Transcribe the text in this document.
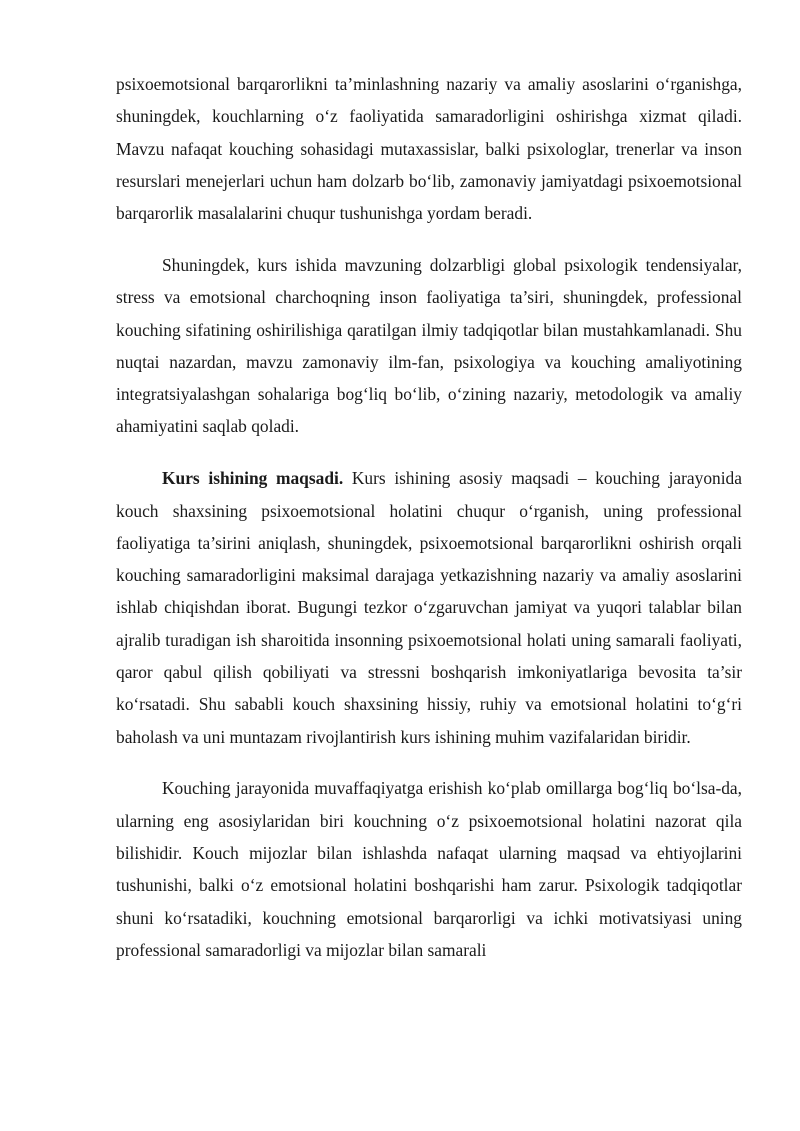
psixoemotsional barqarorlikni ta’minlashning nazariy va amaliy asoslarini o‘rganishga, shuningdek, kouchlarning o‘z faoliyatida samaradorligini oshirishga xizmat qiladi. Mavzu nafaqat kouching sohasidagi mutaxassislar, balki psixologlar, trenerlar va inson resurslari menejerlari uchun ham dolzarb bo‘lib, zamonaviy jamiyatdagi psixoemotsional barqarorlik masalalarini chuqur tushunishga yordam beradi.

Shuningdek, kurs ishida mavzuning dolzarbligi global psixologik tendensiyalar, stress va emotsional charchoqning inson faoliyatiga ta’siri, shuningdek, professional kouching sifatining oshirilishiga qaratilgan ilmiy tadqiqotlar bilan mustahkamlanadi. Shu nuqtai nazardan, mavzu zamonaviy ilm-fan, psixologiya va kouching amaliyotining integratsiyalashgan sohalariga bog‘liq bo‘lib, o‘zining nazariy, metodologik va amaliy ahamiyatini saqlab qoladi.

Kurs ishining maqsadi. Kurs ishining asosiy maqsadi – kouching jarayonida kouch shaxsining psixoemotsional holatini chuqur o‘rganish, uning professional faoliyatiga ta’sirini aniqlash, shuningdek, psixoemotsional barqarorlikni oshirish orqali kouching samaradorligini maksimal darajaga yetkazishning nazariy va amaliy asoslarini ishlab chiqishdan iborat. Bugungi tezkor o‘zgaruvchan jamiyat va yuqori talablar bilan ajralib turadigan ish sharoitida insonning psixoemotsional holati uning samarali faoliyati, qaror qabul qilish qobiliyati va stressni boshqarish imkoniyatlariga bevosita ta’sir ko‘rsatadi. Shu sababli kouch shaxsining hissiy, ruhiy va emotsional holatini to‘g‘ri baholash va uni muntazam rivojlantirish kurs ishining muhim vazifalaridan biridir.

Kouching jarayonida muvaffaqiyatga erishish ko‘plab omillarga bog‘liq bo‘lsa-da, ularning eng asosiylaridan biri kouchning o‘z psixoemotsional holatini nazorat qila bilishidir. Kouch mijozlar bilan ishlashda nafaqat ularning maqsad va ehtiyojlarini tushunishi, balki o‘z emotsional holatini boshqarishi ham zarur. Psixologik tadqiqotlar shuni ko‘rsatadiki, kouchning emotsional barqarorligi va ichki motivatsiyasi uning professional samaradorligi va mijozlar bilan samarali
